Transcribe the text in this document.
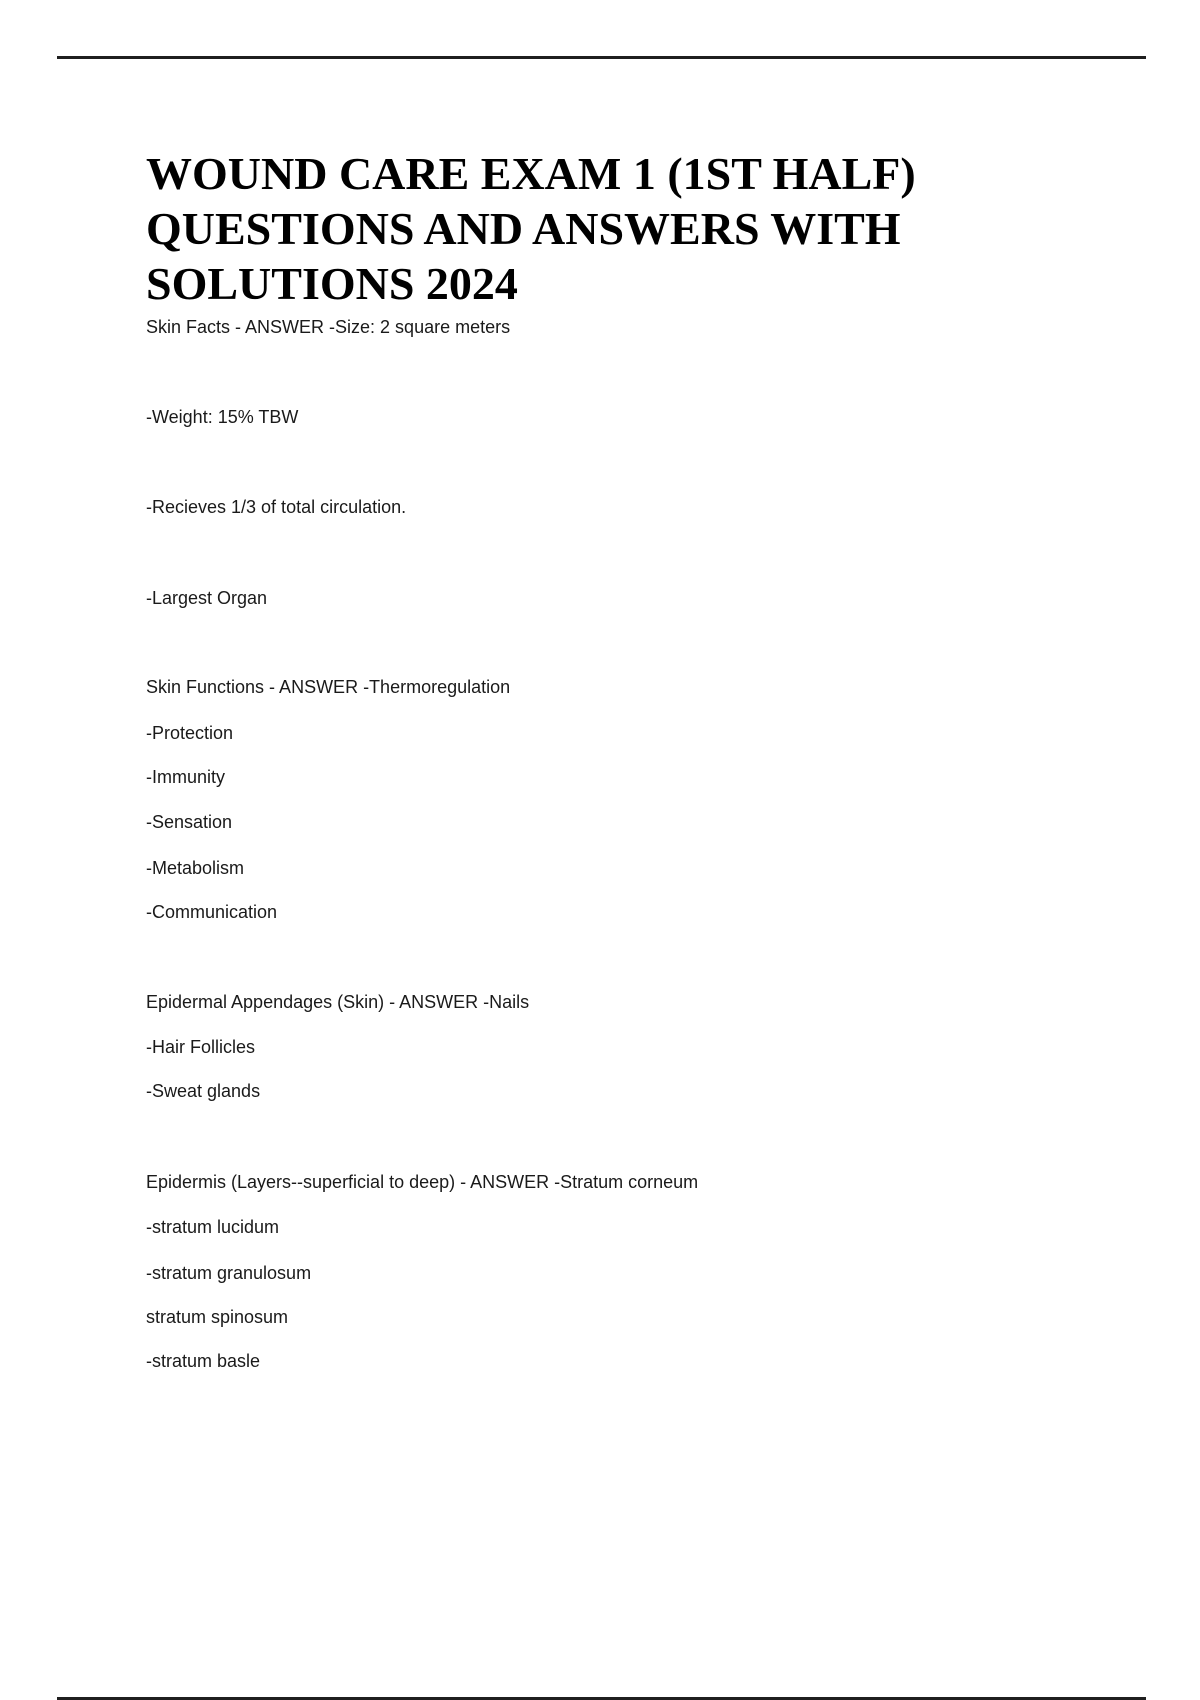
WOUND CARE EXAM 1 (1ST HALF)
QUESTIONS AND ANSWERS WITH
SOLUTIONS 2024

Skin Facts - ANSWER -Size: 2 square meters

-Weight: 15% TBW

-Recieves 1/3 of total circulation.

-Largest Organ

Skin Functions - ANSWER -Thermoregulation

-Protection

-Immunity

-Sensation

-Metabolism

-Communication

Epidermal Appendages (Skin) - ANSWER -Nails

-Hair Follicles

-Sweat glands

Epidermis (Layers--superficial to deep) - ANSWER -Stratum corneum

-stratum lucidum

-stratum granulosum

stratum spinosum

-stratum basle
